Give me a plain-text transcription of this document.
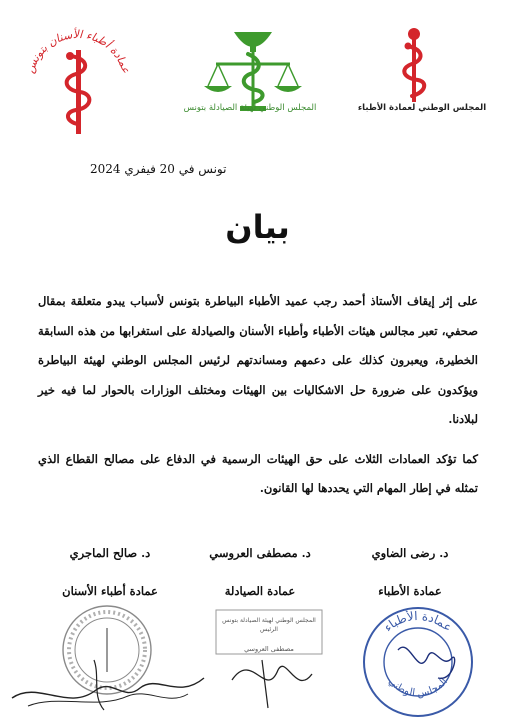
عمادة أطباء الأسنان بتونس
المجلس الوطني لهيئة الصيادلة بتونس	المجلس الوطني لعمادة الأطباء
تونس في 20 فيفري 2024
بيان

على إثر إيقاف الأستاذ أحمد رجب عميد الأطباء البياطرة بتونس لأسباب يبدو متعلقة بمقال صحفي، تعبر مجالس هيئات الأطباء وأطباء الأسنان والصيادلة على استغرابها من هذه السابقة الخطيرة، ويعبرون كذلك على دعمهم ومساندتهم لرئيس المجلس الوطني لهيئة البياطرة ويؤكدون على ضرورة حل الاشكاليات بين الهيئات ومختلف الوزارات بالحوار لما فيه خير لبلادنا.

كما تؤكد العمادات الثلاث على حق الهيئات الرسمية في الدفاع على مصالح القطاع الذي تمثله في إطار المهام التي يحددها لها القانون.

د. رضى الضاوي
د. مصطفى العروسي
د. صالح الماجري
عمادة الأطباء
عمادة الصيادلة
عمادة أطباء الأسنان
المجلس الوطني لهيئة الصيادلة بتونس
الرئيس
مصطفى العروسي
عمادة الأطباء
المجلس الوطني
